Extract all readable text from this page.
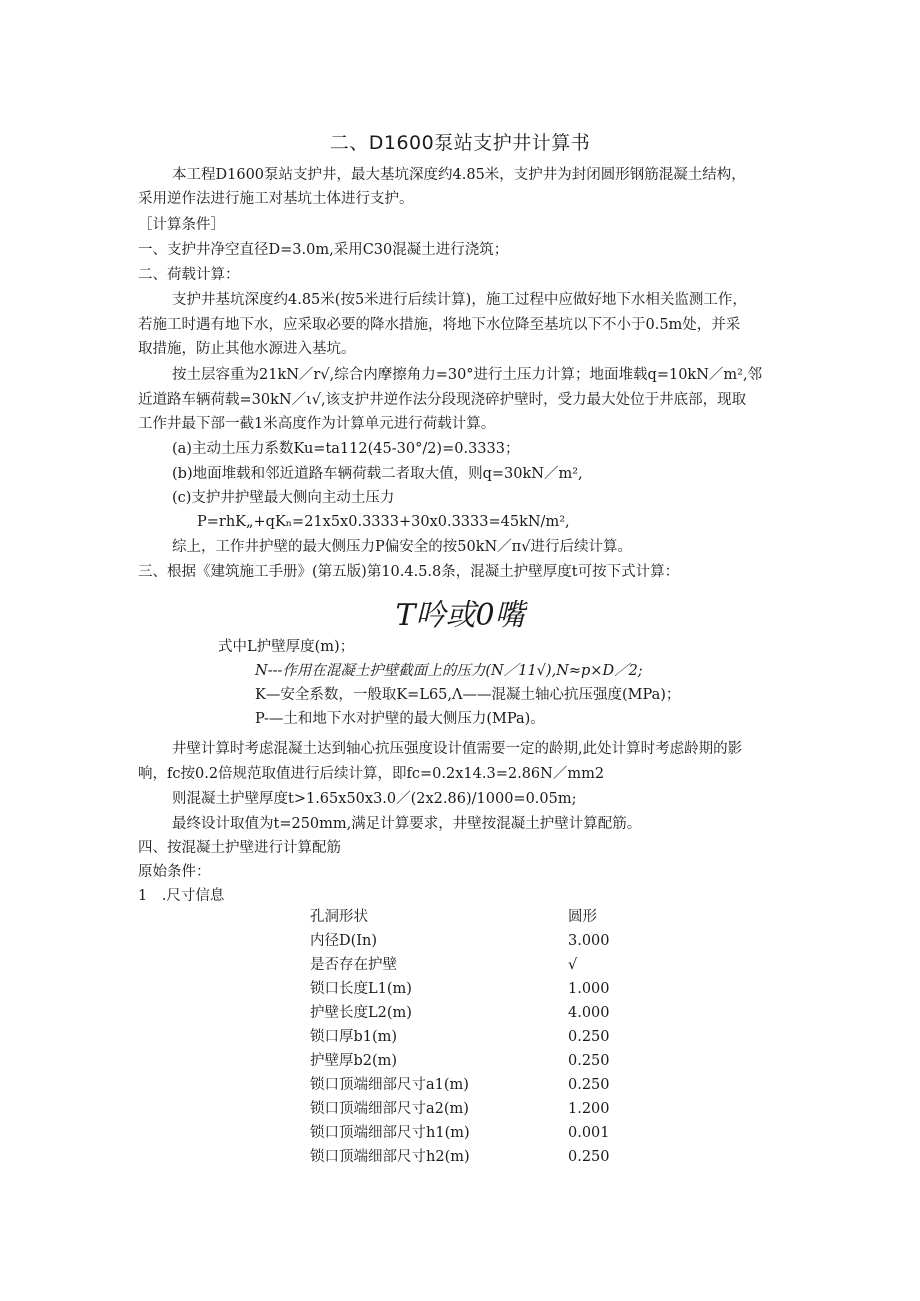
二、D1600泵站支护井计算书
本工程D1600泵站支护井，最大基坑深度约4.85米，支护井为封闭圆形钢筋混凝土结构，
采用逆作法进行施工对基坑土体进行支护。
［计算条件］
一、支护井净空直径D=3.0m,采用C30混凝土进行浇筑；
二、荷载计算：
支护井基坑深度约4.85米(按5米进行后续计算)，施工过程中应做好地下水相关监测工作，
若施工时遇有地下水，应采取必要的降水措施，将地下水位降至基坑以下不小于0.5m处，并采
取措施，防止其他水源进入基坑。
按土层容重为21kN／r√,综合内摩擦角力=30°进行土压力计算；地面堆载q=10kN／m²,邻
近道路车辆荷载=30kN／ι√,该支护井逆作法分段现浇碎护壁时，受力最大处位于井底部，现取
工作井最下部一截1米高度作为计算单元进行荷载计算。
(a)主动土压力系数Ku=ta112(45-30°/2)=0.3333；
(b)地面堆载和邻近道路车辆荷载二者取大值，则q=30kN／m²,
(c)支护井护壁最大侧向主动土压力
P=rhK„+qKₙ=21x5x0.3333+30x0.3333=45kN/m²,
综上，工作井护壁的最大侧压力P偏安全的按50kN／π√进行后续计算。
三、根据《建筑施工手册》(第五版)第10.4.5.8条，混凝土护壁厚度t可按下式计算：
T吟或0嘴
式中L护壁厚度(m)；
N---作用在混凝土护壁截面上的压力(N／11√),N≈p×D／2;
K—安全系数，一般取K=L65,Λ——混凝土轴心抗压强度(MPa)；
P-—土和地下水对护壁的最大侧压力(MPa)。
井壁计算时考虑混凝土达到轴心抗压强度设计值需要一定的龄期,此处计算时考虑龄期的影
响，fc按0.2倍规范取值进行后续计算，即fc=0.2x14.3=2.86N／mm2
则混凝土护壁厚度t>1.65x50x3.0／(2x2.86)/1000=0.05m;
最终设计取值为t=250mm,满足计算要求，井壁按混凝土护壁计算配筋。
四、按混凝土护壁进行计算配筋
原始条件：
1　.尺寸信息
孔洞形状	圆形
内径D(In)	3.000
是否存在护壁	√
锁口长度L1(m)	1.000
护壁长度L2(m)	4.000
锁口厚b1(m)	0.250
护壁厚b2(m)	0.250
锁口顶端细部尺寸a1(m)	0.250
锁口顶端细部尺寸a2(m)	1.200
锁口顶端细部尺寸h1(m)	0.001
锁口顶端细部尺寸h2(m)	0.250
